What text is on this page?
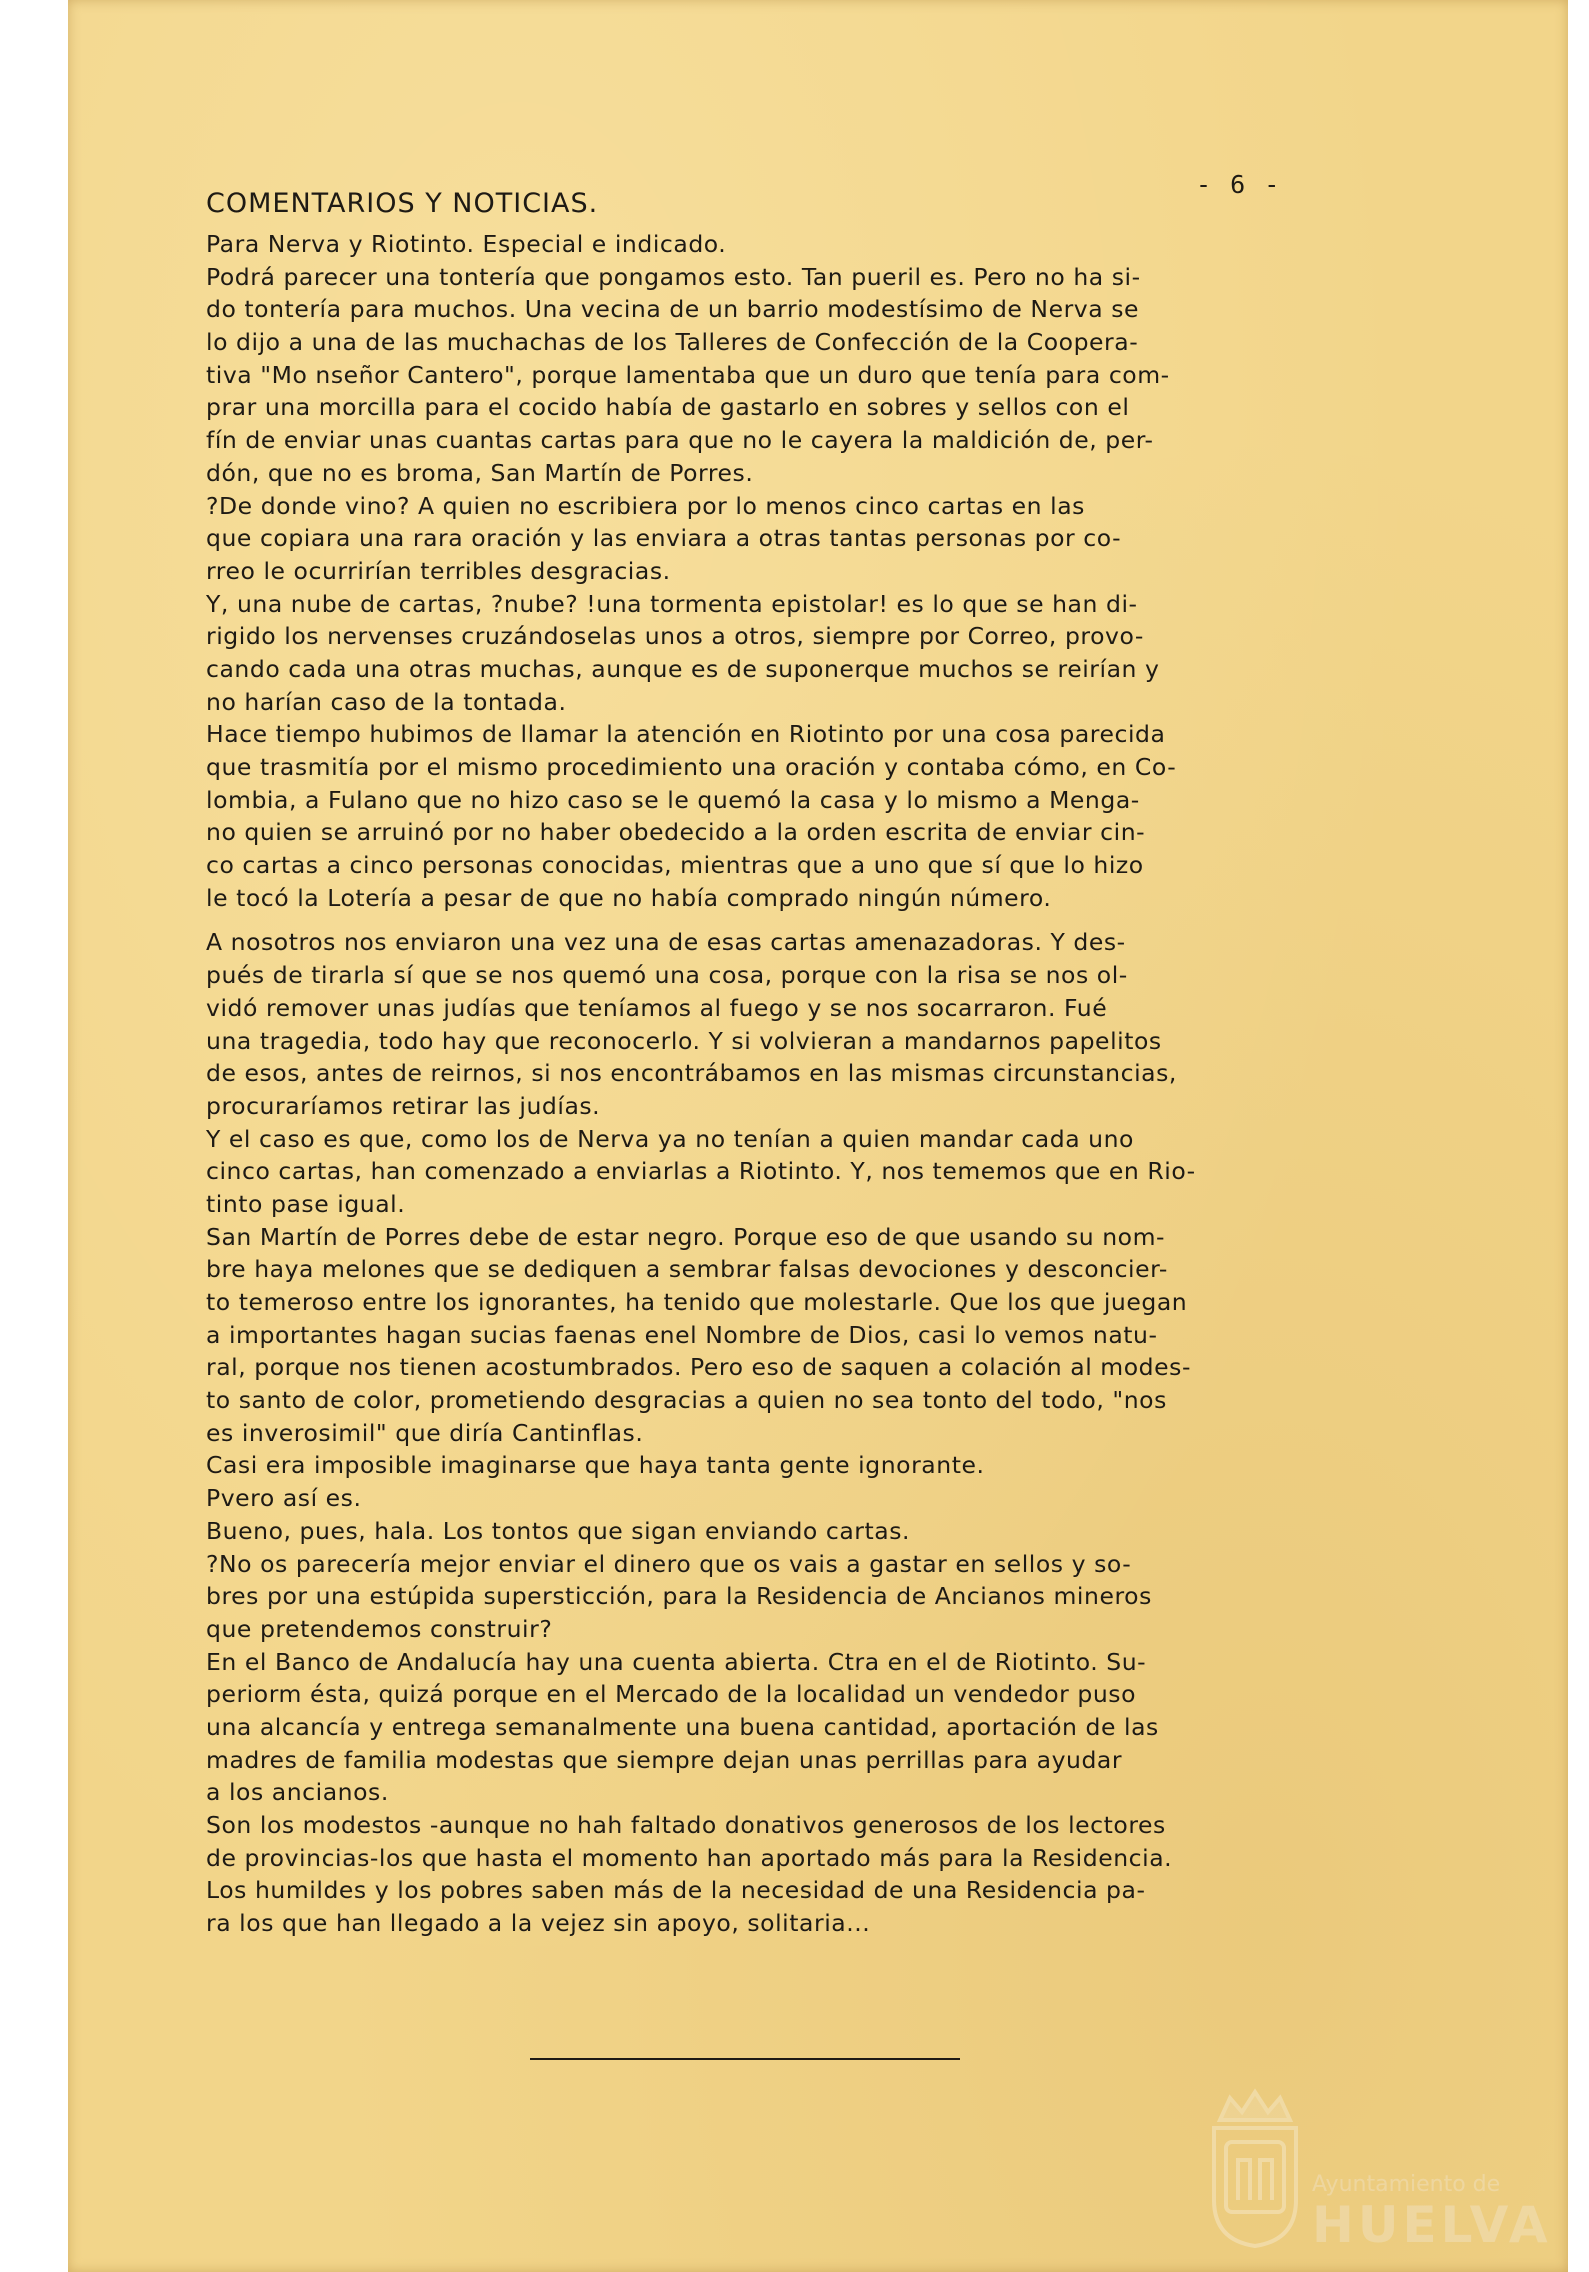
- 6 -
COMENTARIOS Y NOTICIAS.
Para Nerva y Riotinto. Especial e indicado.
Podrá parecer una tontería que pongamos esto. Tan pueril es. Pero no ha si-
do tontería para muchos. Una vecina de un barrio modestísimo de Nerva se
lo dijo a una de las muchachas de los Talleres de Confección de la Coopera-
tiva "Mo nseñor Cantero", porque lamentaba que un duro que tenía para com-
prar una morcilla para el cocido había de gastarlo en sobres y sellos con el
fín de enviar unas cuantas cartas para que no le cayera la maldición de, per-
dón, que no es broma, San Martín de Porres.
?De donde vino? A quien no escribiera por lo menos cinco cartas en las
que copiara una rara oración y las enviara a otras tantas personas por co-
rreo le ocurrirían terribles desgracias.
Y, una nube de cartas, ?nube? !una tormenta epistolar! es lo que se han di-
rigido los nervenses cruzándoselas unos a otros, siempre por Correo, provo-
cando cada una otras muchas, aunque es de suponerque muchos se reirían y
no harían caso de la tontada.
Hace tiempo hubimos de llamar la atención en Riotinto por una cosa parecida
que trasmitía por el mismo procedimiento una oración y contaba cómo, en Co-
lombia, a Fulano que no hizo caso se le quemó la casa y lo mismo a Menga-
no quien se arruinó por no haber obedecido a la orden escrita de enviar cin-
co cartas a cinco personas conocidas, mientras que a uno que sí que lo hizo
le tocó la Lotería a pesar de que no había comprado ningún número.
A nosotros nos enviaron una vez una de esas cartas amenazadoras. Y des-
pués de tirarla sí que se nos quemó una cosa, porque con la risa se nos ol-
vidó remover unas judías que teníamos al fuego y se nos socarraron. Fué
una tragedia, todo hay que reconocerlo. Y si volvieran a mandarnos papelitos
de esos, antes de reirnos, si nos encontrábamos en las mismas circunstancias,
procuraríamos retirar las judías.
Y el caso es que, como los de Nerva ya no tenían a quien mandar cada uno
cinco cartas, han comenzado a enviarlas a Riotinto. Y, nos tememos que en Rio-
tinto pase igual.
San Martín de Porres debe de estar negro. Porque eso de que usando su nom-
bre haya melones que se dediquen a sembrar falsas devociones y desconcier-
to temeroso entre los ignorantes, ha tenido que molestarle. Que los que juegan
a importantes hagan sucias faenas enel Nombre de Dios, casi lo vemos natu-
ral, porque nos tienen acostumbrados. Pero eso de saquen a colación al modes-
to santo de color, prometiendo desgracias a quien no sea tonto del todo, "nos
es inverosimil" que diría Cantinflas.
Casi era imposible imaginarse que haya tanta gente ignorante.
Pvero así es.
Bueno, pues, hala. Los tontos que sigan enviando cartas.
?No os parecería mejor enviar el dinero que os vais a gastar en sellos y so-
bres por una estúpida supersticción, para la Residencia de Ancianos mineros
que pretendemos construir?
En el Banco de Andalucía hay una cuenta abierta. Ctra en el de Riotinto. Su-
periorm ésta, quizá porque en el Mercado de la localidad un vendedor puso
una alcancía y entrega semanalmente una buena cantidad, aportación de las
madres de familia modestas que siempre dejan unas perrillas para ayudar
a los ancianos.
Son los modestos -aunque no hah faltado donativos generosos de los lectores
de provincias-los que hasta el momento han aportado más para la Residencia.
Los humildes y los pobres saben más de la necesidad de una Residencia pa-
ra los que han llegado a la vejez sin apoyo, solitaria...
Ayuntamiento de
HUELVA
